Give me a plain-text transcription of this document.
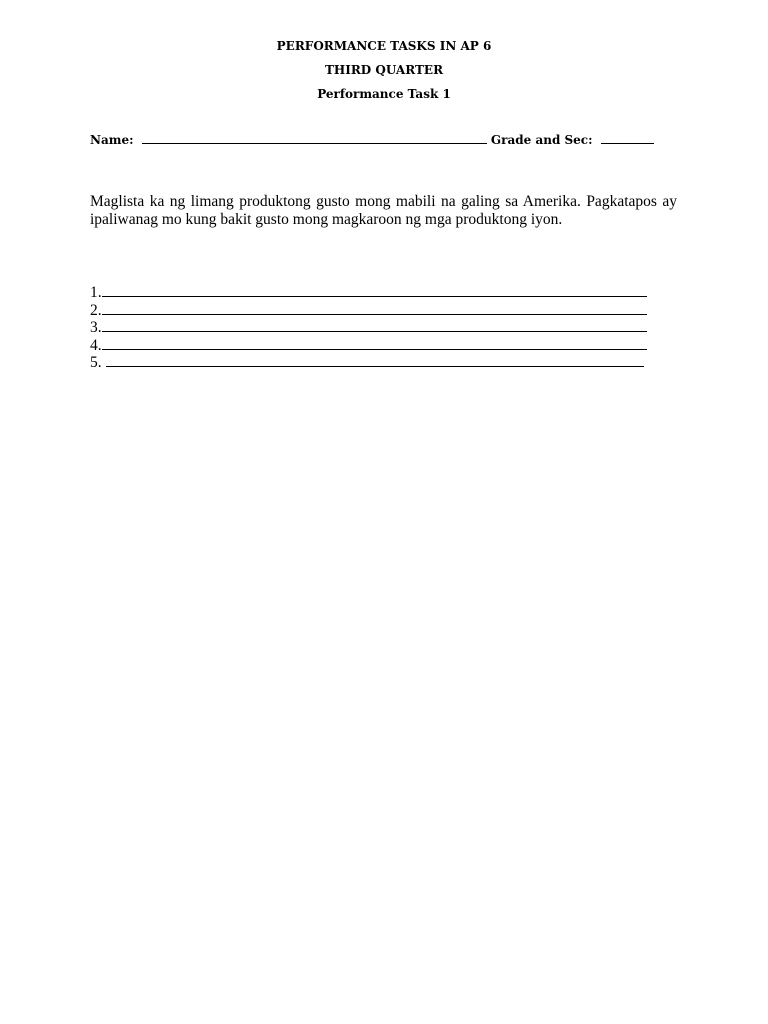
PERFORMANCE TASKS IN AP 6
THIRD QUARTER
Performance Task 1
Name:	Grade and Sec:
Maglista ka ng limang produktong gusto mong mabili na galing sa Amerika. Pagkatapos ay ipaliwanag mo kung bakit gusto mong magkaroon ng mga produktong iyon.
1.
2.
3.
4.
5.
